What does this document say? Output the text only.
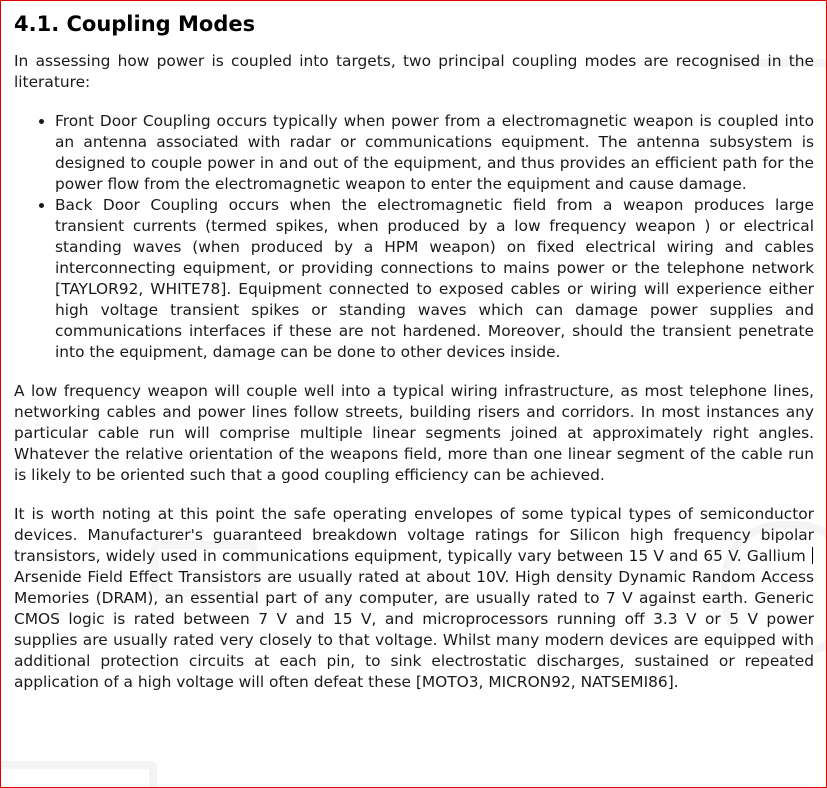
4.1. Coupling Modes

In assessing how power is coupled into targets, two principal coupling modes are recognised in the literature:

• Front Door Coupling occurs typically when power from a electromagnetic weapon is coupled into an antenna associated with radar or communications equipment. The antenna subsystem is designed to couple power in and out of the equipment, and thus provides an efficient path for the power flow from the electromagnetic weapon to enter the equipment and cause damage.
• Back Door Coupling occurs when the electromagnetic field from a weapon produces large transient currents (termed spikes, when produced by a low frequency weapon ) or electrical standing waves (when produced by a HPM weapon) on fixed electrical wiring and cables interconnecting equipment, or providing connections to mains power or the telephone network [TAYLOR92, WHITE78]. Equipment connected to exposed cables or wiring will experience either high voltage transient spikes or standing waves which can damage power supplies and communications interfaces if these are not hardened. Moreover, should the transient penetrate into the equipment, damage can be done to other devices inside.

A low frequency weapon will couple well into a typical wiring infrastructure, as most telephone lines, networking cables and power lines follow streets, building risers and corridors. In most instances any particular cable run will comprise multiple linear segments joined at approximately right angles. Whatever the relative orientation of the weapons field, more than one linear segment of the cable run is likely to be oriented such that a good coupling efficiency can be achieved.

It is worth noting at this point the safe operating envelopes of some typical types of semiconductor devices. Manufacturer's guaranteed breakdown voltage ratings for Silicon high frequency bipolar transistors, widely used in communications equipment, typically vary between 15 V and 65 V. Gallium Arsenide Field Effect Transistors are usually rated at about 10V. High density Dynamic Random Access Memories (DRAM), an essential part of any computer, are usually rated to 7 V against earth. Generic CMOS logic is rated between 7 V and 15 V, and microprocessors running off 3.3 V or 5 V power supplies are usually rated very closely to that voltage. Whilst many modern devices are equipped with additional protection circuits at each pin, to sink electrostatic discharges, sustained or repeated application of a high voltage will often defeat these [MOTO3, MICRON92, NATSEMI86].
